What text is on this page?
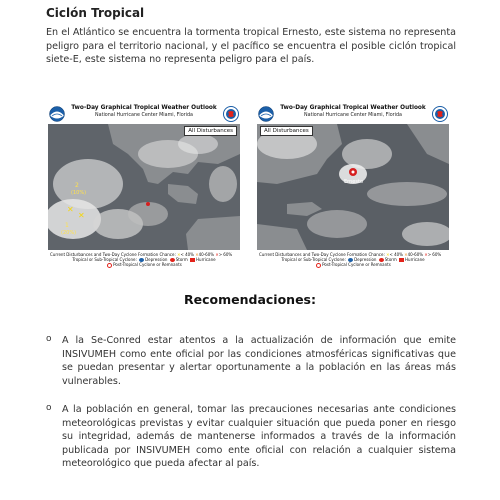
Ciclón Tropical
En el Atlántico se encuentra la tormenta tropical Ernesto, este sistema no representa peligro para el territorio nacional, y el pacífico se encuentra el posible ciclón tropical siete-E, este sistema no representa peligro para el país.
Two-Day Graphical Tropical Weather Outlook
National Hurricane Center Miami, Florida
2
(10%)
✕
✕
1
(20%)
All Disturbances
Current Disturbances and Two-Day Cyclone Formation Chance: ✕< 40% ✕40-60% ✕> 60%
Tropical or Sub-Tropical Cyclone: Depression Storm Hurricane
Post-Tropical Cyclone or Remnants
Two-Day Graphical Tropical Weather Outlook
National Hurricane Center Miami, Florida
Ernesto
All Disturbances
Current Disturbances and Two-Day Cyclone Formation Chance: ✕< 40% ✕40-60% ✕> 60%
Tropical or Sub-Tropical Cyclone: Depression Storm Hurricane
Post-Tropical Cyclone or Remnants
Recomendaciones:
o A la Se-Conred estar atentos a la actualización de información que emite INSIVUMEH como ente oficial por las condiciones atmosféricas significativas que se puedan presentar y alertar oportunamente a la población en las áreas más vulnerables.
o A la población en general, tomar las precauciones necesarias ante condiciones meteorológicas previstas y evitar cualquier situación que pueda poner en riesgo su integridad, además de mantenerse informados a través de la información publicada por INSIVUMEH como ente oficial con relación a cualquier sistema meteorológico que pueda afectar al país.
